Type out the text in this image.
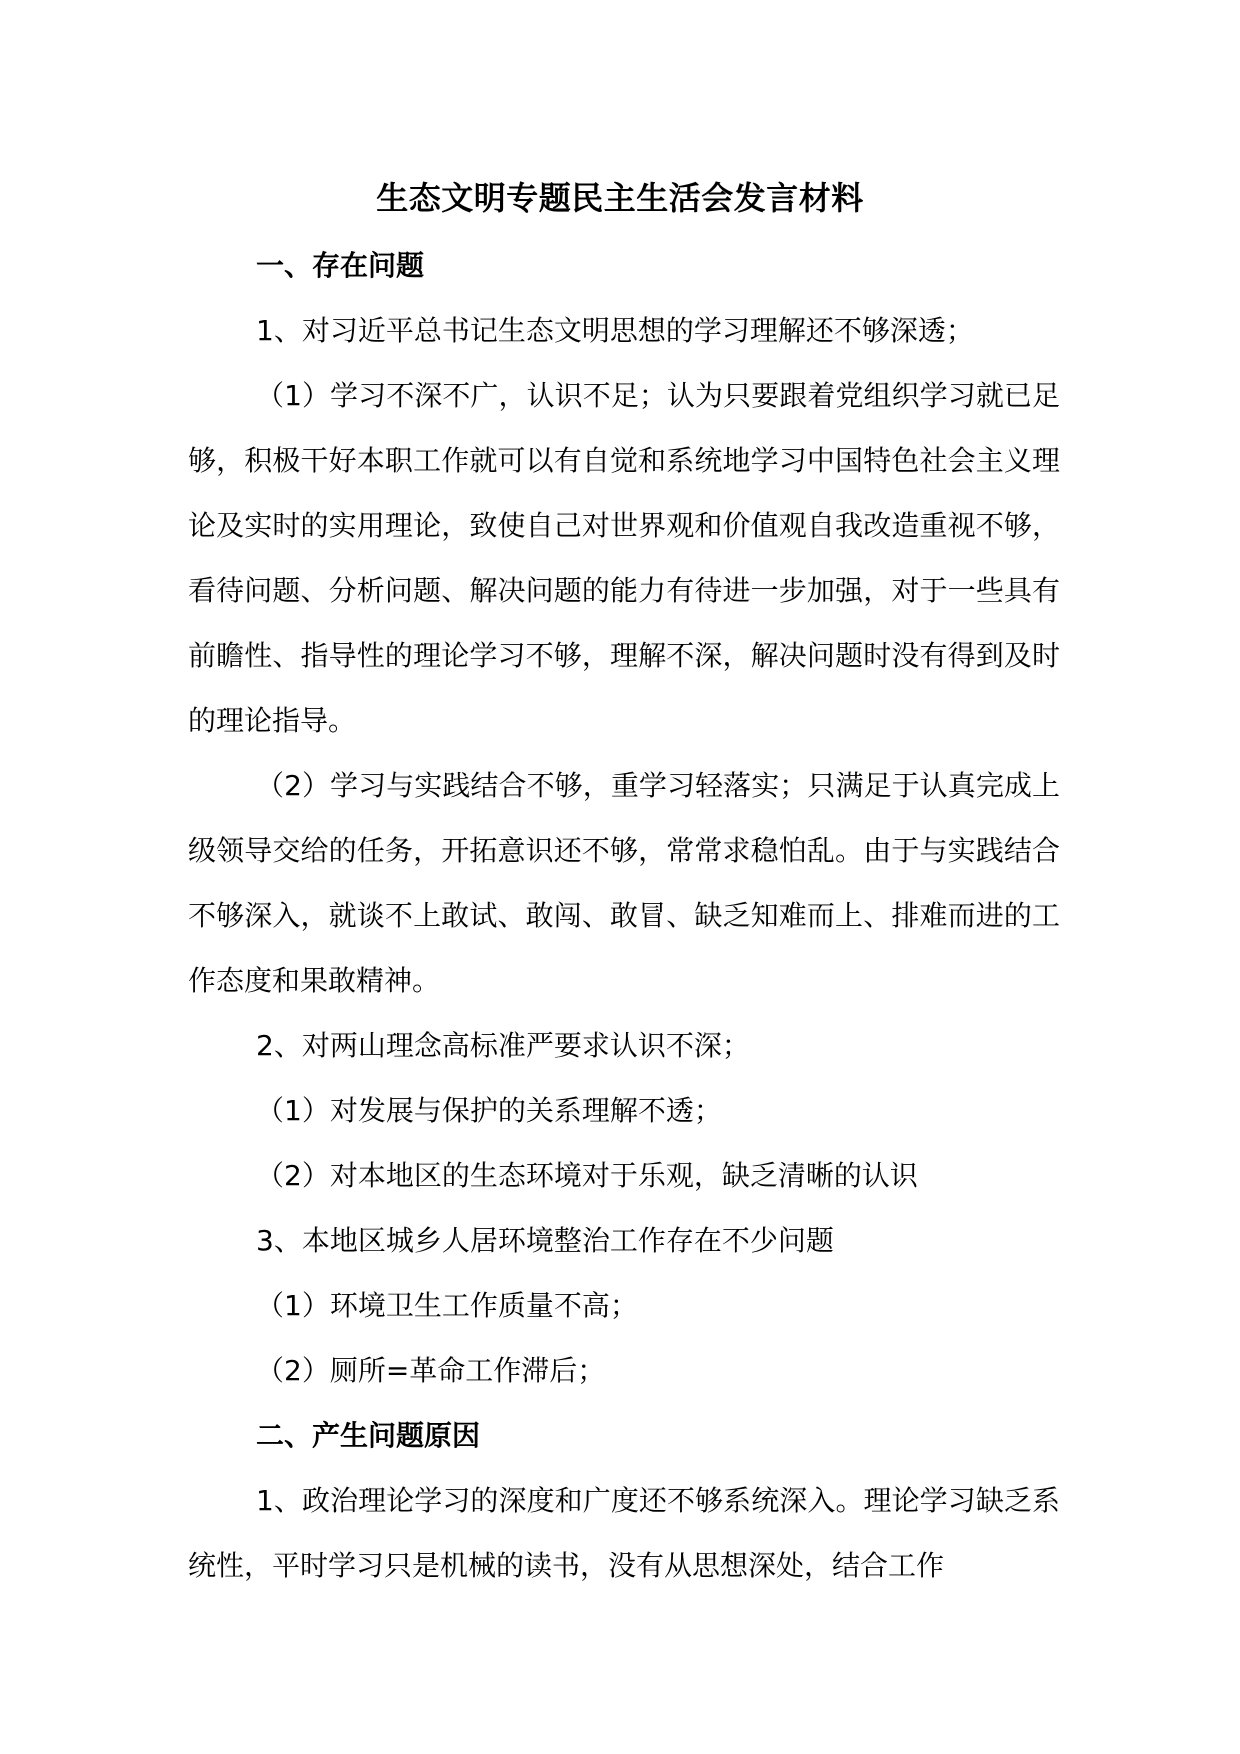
生态文明专题民主生活会发言材料

一、存在问题

1、对习近平总书记生态文明思想的学习理解还不够深透；

（1）学习不深不广，认识不足；认为只要跟着党组织学习就已足够，积极干好本职工作就可以有自觉和系统地学习中国特色社会主义理论及实时的实用理论，致使自己对世界观和价值观自我改造重视不够，看待问题、分析问题、解决问题的能力有待进一步加强，对于一些具有前瞻性、指导性的理论学习不够，理解不深，解决问题时没有得到及时的理论指导。

（2）学习与实践结合不够，重学习轻落实；只满足于认真完成上级领导交给的任务，开拓意识还不够，常常求稳怕乱。由于与实践结合不够深入，就谈不上敢试、敢闯、敢冒、缺乏知难而上、排难而进的工作态度和果敢精神。

2、对两山理念高标准严要求认识不深；

（1）对发展与保护的关系理解不透；

（2）对本地区的生态环境对于乐观，缺乏清晰的认识

3、本地区城乡人居环境整治工作存在不少问题

（1）环境卫生工作质量不高；

（2）厕所=革命工作滞后；

二、产生问题原因

1、政治理论学习的深度和广度还不够系统深入。理论学习缺乏系统性，平时学习只是机械的读书，没有从思想深处，结合工作
